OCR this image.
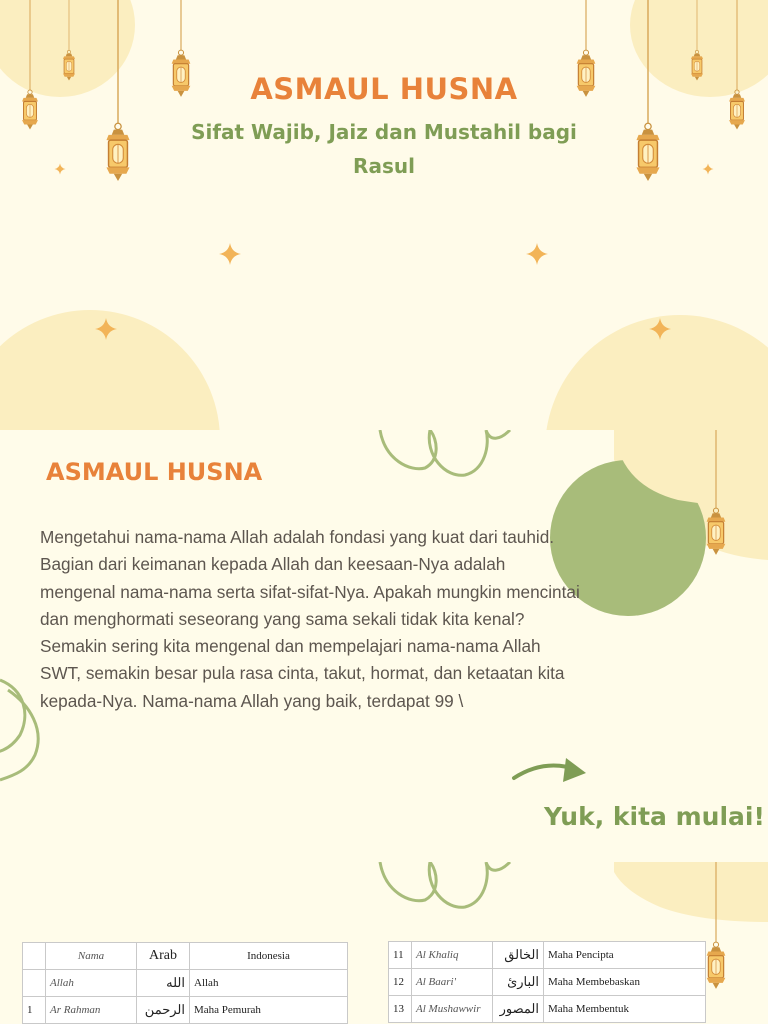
ASMAUL HUSNA
Sifat Wajib, Jaiz dan Mustahil bagi Rasul
ASMAUL HUSNA
Mengetahui nama-nama Allah adalah fondasi yang kuat dari tauhid. Bagian dari keimanan kepada Allah dan keesaan-Nya adalah mengenal nama-nama serta sifat-sifat-Nya. Apakah mungkin mencintai dan menghormati seseorang yang sama sekali tidak kita kenal? Semakin sering kita mengenal dan mempelajari nama-nama Allah SWT, semakin besar pula rasa cinta, takut, hormat, dan ketaatan kita kepada-Nya. Nama-nama Allah yang baik, terdapat 99 \
Yuk, kita mulai!
	Nama	Arab	Indonesia
	Allah	الله	Allah
1	Ar Rahman	الرحمن	Maha Pemurah
11	Al Khaliq	الخالق	Maha Pencipta
12	Al Baari'	البارئ	Maha Membebaskan
13	Al Mushawwir	المصور	Maha Membentuk
